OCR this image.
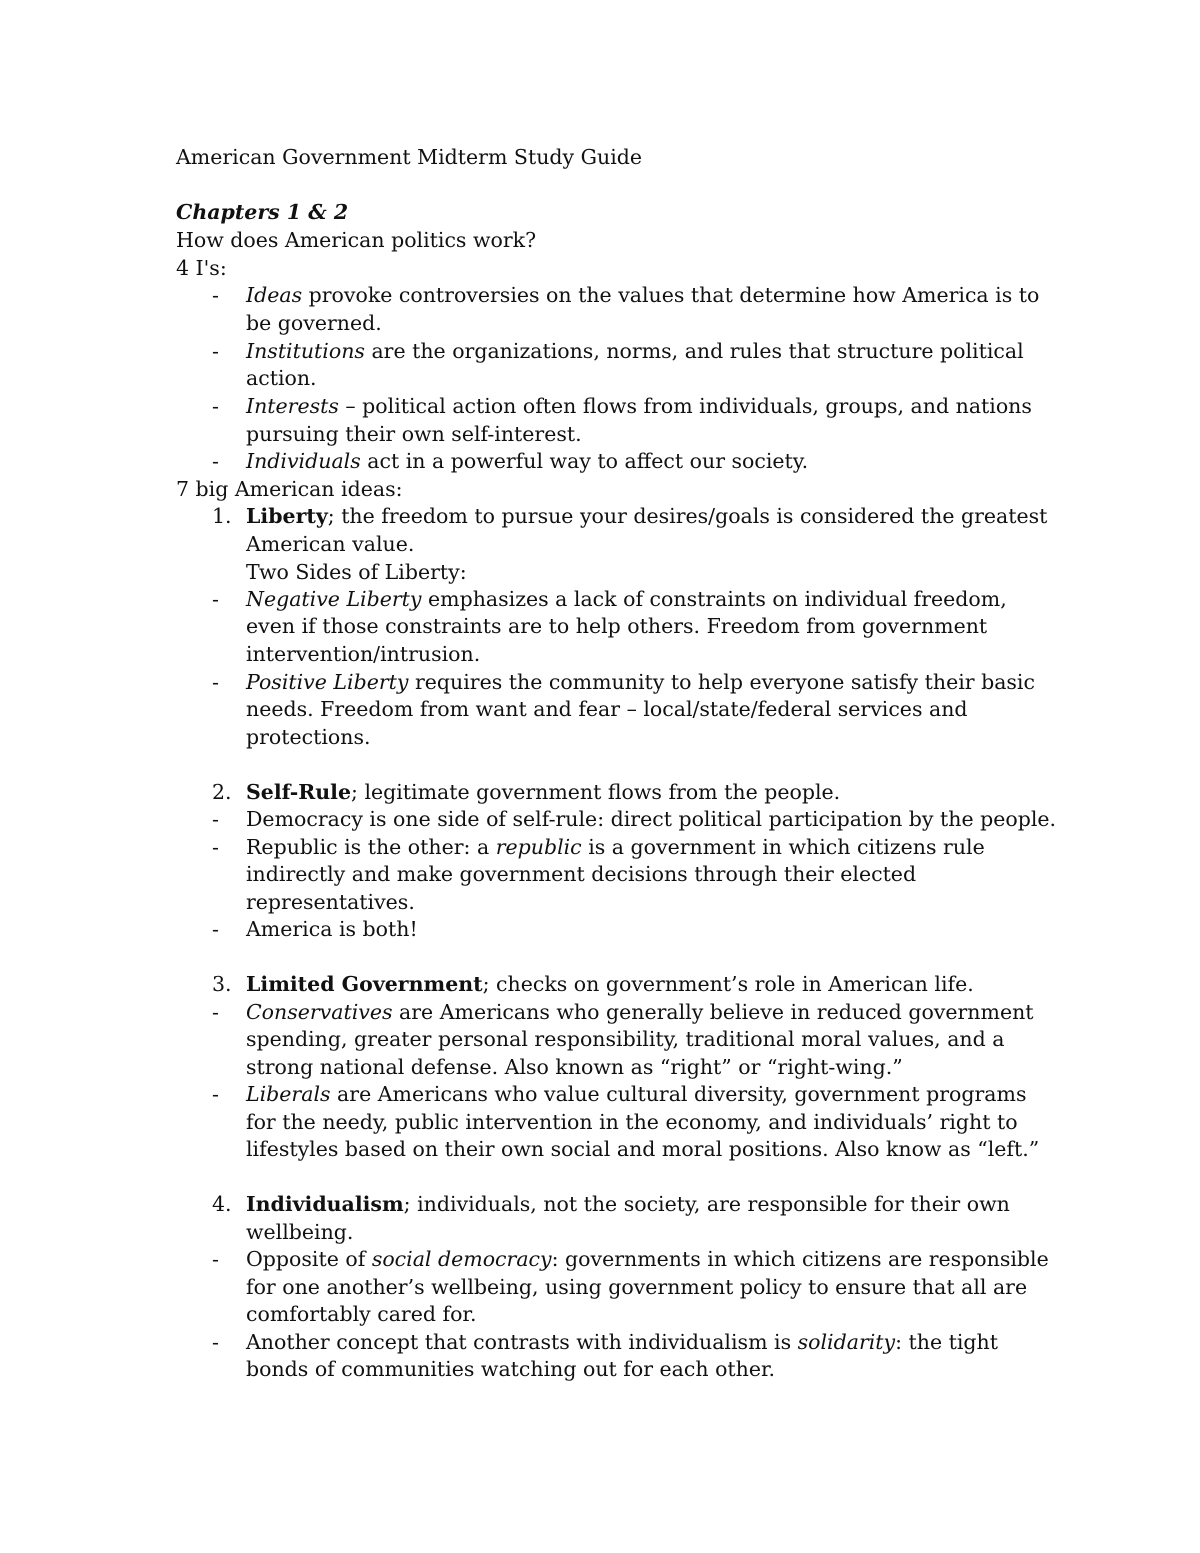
American Government Midterm Study Guide
Chapters 1 & 2
How does American politics work?
4 I's:
- Ideas provoke controversies on the values that determine how America is to
be governed.
- Institutions are the organizations, norms, and rules that structure political
action.
- Interests – political action often flows from individuals, groups, and nations
pursuing their own self-interest.
- Individuals act in a powerful way to affect our society.
7 big American ideas:
1. Liberty; the freedom to pursue your desires/goals is considered the greatest
American value.
Two Sides of Liberty:
- Negative Liberty emphasizes a lack of constraints on individual freedom,
even if those constraints are to help others. Freedom from government
intervention/intrusion.
- Positive Liberty requires the community to help everyone satisfy their basic
needs. Freedom from want and fear – local/state/federal services and
protections.
2. Self-Rule; legitimate government flows from the people.
- Democracy is one side of self-rule: direct political participation by the people.
- Republic is the other: a republic is a government in which citizens rule
indirectly and make government decisions through their elected
representatives.
- America is both!
3. Limited Government; checks on government’s role in American life.
- Conservatives are Americans who generally believe in reduced government
spending, greater personal responsibility, traditional moral values, and a
strong national defense. Also known as “right” or “right-wing.”
- Liberals are Americans who value cultural diversity, government programs
for the needy, public intervention in the economy, and individuals’ right to
lifestyles based on their own social and moral positions. Also know as “left.”
4. Individualism; individuals, not the society, are responsible for their own
wellbeing.
- Opposite of social democracy: governments in which citizens are responsible
for one another’s wellbeing, using government policy to ensure that all are
comfortably cared for.
- Another concept that contrasts with individualism is solidarity: the tight
bonds of communities watching out for each other.
